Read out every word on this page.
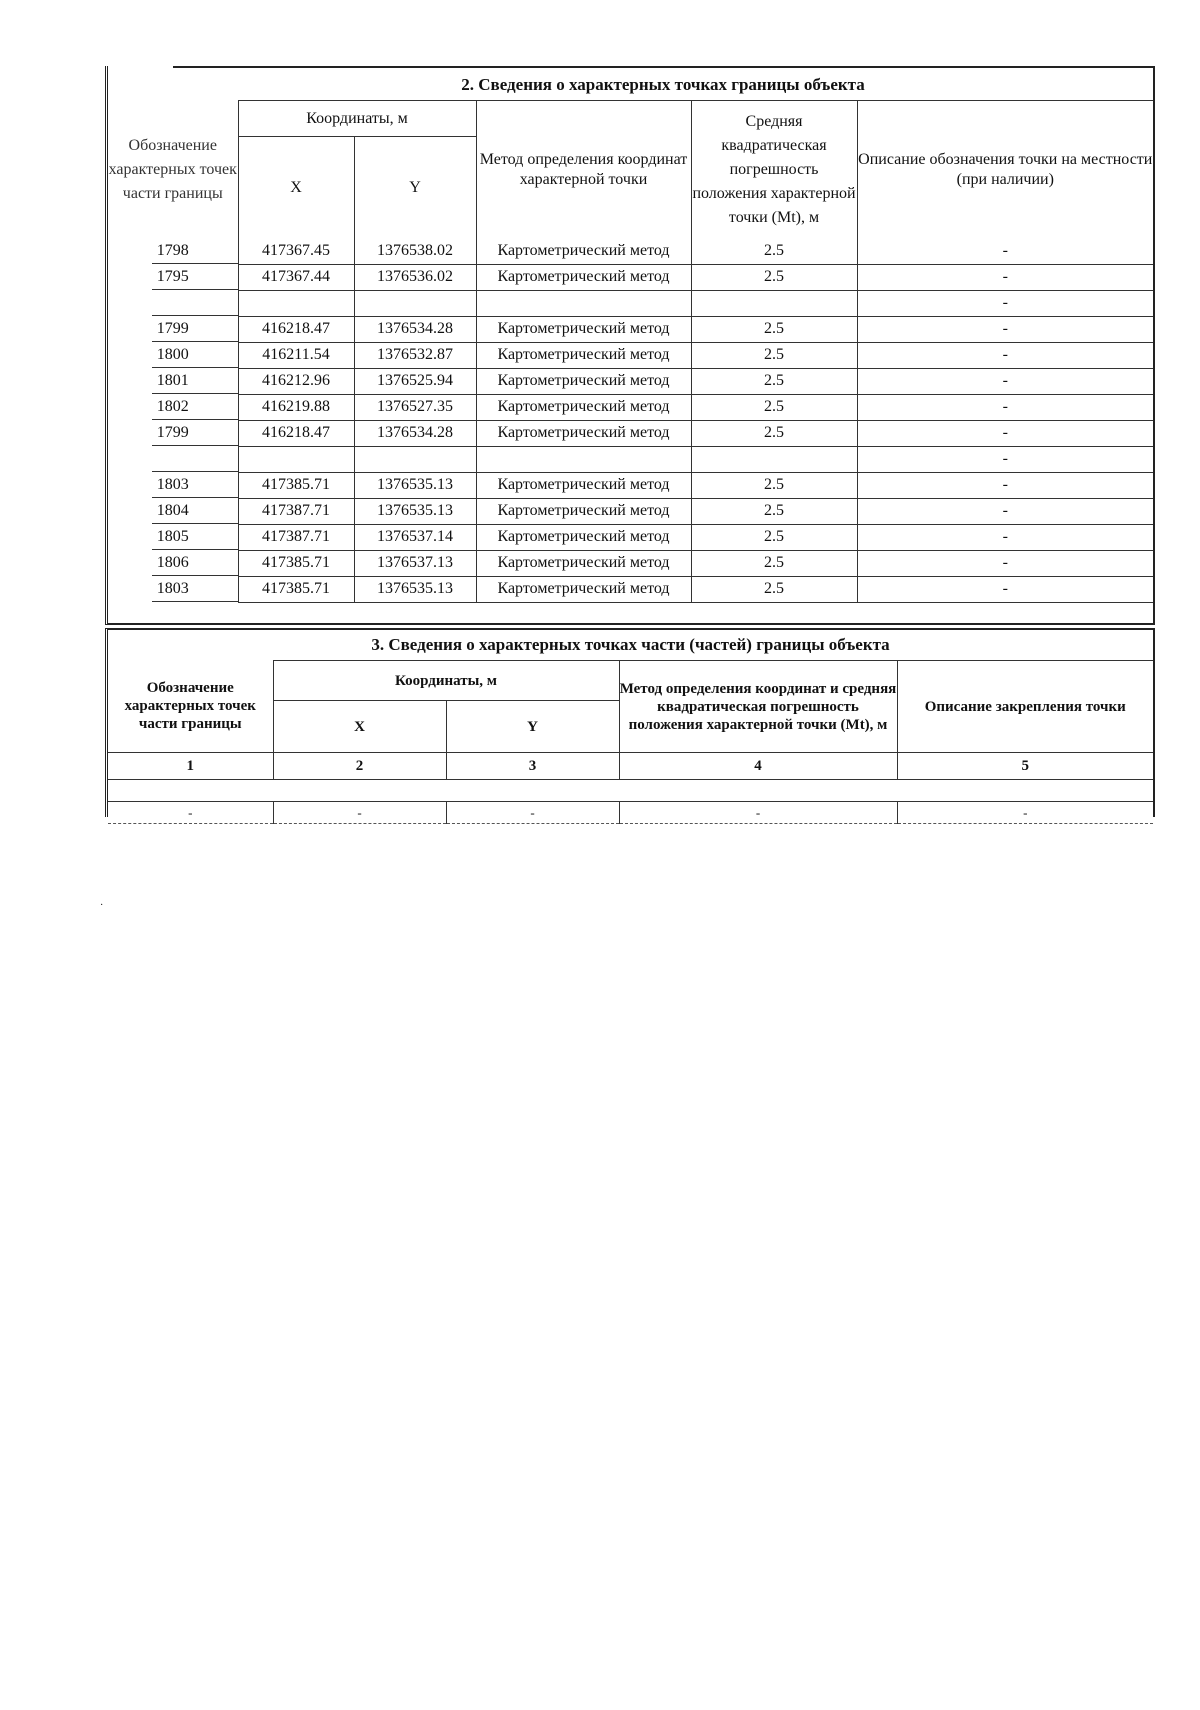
2. Сведения о характерных точках границы объекта
Обозначение характерных точек части границы	Координаты, м		Метод определения координат характерной точки	Средняя квадратическая погрешность положения характерной точки (Mt), м	Описание обозначения точки на местности (при наличии)
	X	Y			
1798	417367.45	1376538.02	Картометрический метод	2.5	-
1795	417367.44	1376536.02	Картометрический метод	2.5	-
					-
1799	416218.47	1376534.28	Картометрический метод	2.5	-
1800	416211.54	1376532.87	Картометрический метод	2.5	-
1801	416212.96	1376525.94	Картометрический метод	2.5	-
1802	416219.88	1376527.35	Картометрический метод	2.5	-
1799	416218.47	1376534.28	Картометрический метод	2.5	-
					-
1803	417385.71	1376535.13	Картометрический метод	2.5	-
1804	417387.71	1376535.13	Картометрический метод	2.5	-
1805	417387.71	1376537.14	Картометрический метод	2.5	-
1806	417385.71	1376537.13	Картометрический метод	2.5	-
1803	417385.71	1376535.13	Картометрический метод	2.5	-
3. Сведения о характерных точках части (частей) границы объекта
Обозначение характерных точек части границы	Координаты, м		Метод определения координат и средняя квадратическая погрешность положения характерной точки (Mt), м	Описание закрепления точки
	X	Y		
1	2	3	4	5

-	-	-	-	-
·
